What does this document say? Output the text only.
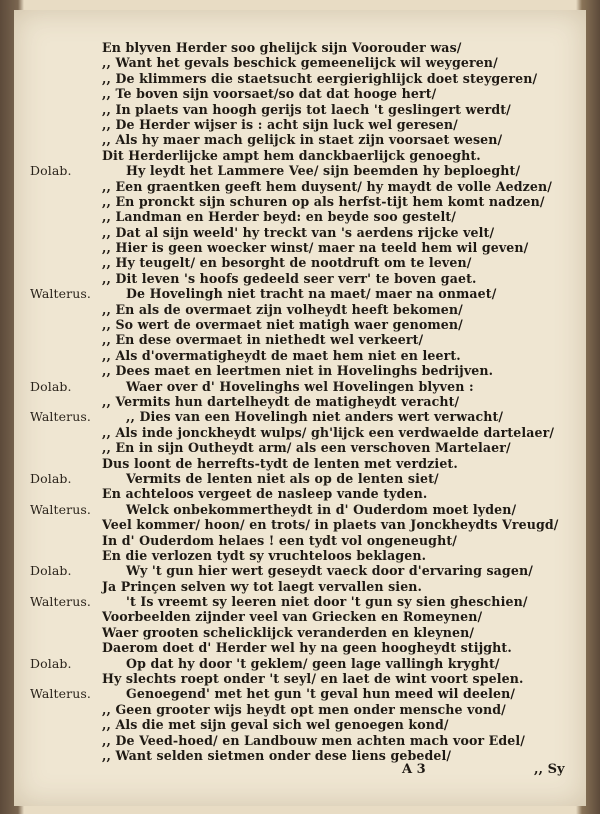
En blyven Herder soo ghelijck sijn Voorouder was/
,, Want het gevals beschick gemeenelijck wil weygeren/
,, De klimmers die staetsucht eergierighlijck doet steygeren/
,, Te boven sijn voorsaet/so dat dat hooge hert/
,, In plaets van hoogh gerijs tot laech 't geslingert werdt/
,, De Herder wijser is : acht sijn luck wel geresen/
,, Als hy maer mach gelijck in staet zijn voorsaet wesen/
Dit Herderlijcke ampt hem danckbaerlijck genoeght.
Dolab.	Hy leydt het Lammere Vee/ sijn beemden hy beploeght/
,, Een graentken geeft hem duysent/ hy maydt de volle Aedzen/
,, En pronckt sijn schuren op als herfst-tijt hem komt nadzen/
,, Landman en Herder beyd: en beyde soo gestelt/
,, Dat al sijn weeld' hy treckt van 's aerdens rijcke velt/
,, Hier is geen woecker winst/ maer na teeld hem wil geven/
,, Hy teugelt/ en besorght de nootdruft om te leven/
,, Dit leven 's hoofs gedeeld seer verr' te boven gaet.
Walterus.	De Hovelingh niet tracht na maet/ maer na onmaet/
,, En als de overmaet zijn volheydt heeft bekomen/
,, So wert de overmaet niet matigh waer genomen/
,, En dese overmaet in niethedt wel verkeert/
,, Als d'overmatigheydt de maet hem niet en leert.
,, Dees maet en leertmen niet in Hovelinghs bedrijven.
Dolab.	Waer over d' Hovelinghs wel Hovelingen blyven :
,, Vermits hun dartelheydt de matigheydt veracht/
Walterus.	,, Dies van een Hovelingh niet anders wert verwacht/
,, Als inde jonckheydt wulps/ gh'lijck een verdwaelde dartelaer/
,, En in sijn Outheydt arm/ als een verschoven Martelaer/
Dus loont de herrefts-tydt de lenten met verdziet.
Dolab.	Vermits de lenten niet als op de lenten siet/
En achteloos vergeet de nasleep vande tyden.
Walterus.	Welck onbekommertheydt in d' Ouderdom moet lyden/
Veel kommer/ hoon/ en trots/ in plaets van Jonckheydts Vreugd/
In d' Ouderdom helaes ! een tydt vol ongeneught/
En die verlozen tydt sy vruchteloos beklagen.
Dolab.	Wy 't gun hier wert geseydt vaeck door d'ervaring sagen/
Ja Prinçen selven wy tot laegt vervallen sien.
Walterus.	't Is vreemt sy leeren niet door 't gun sy sien gheschien/
Voorbeelden zijnder veel van Griecken en Romeynen/
Waer grooten schelicklijck veranderden en kleynen/
Daerom doet d' Herder wel hy na geen hoogheydt stijght.
Dolab.	Op dat hy door 't geklem/ geen lage vallingh kryght/
Hy slechts roept onder 't seyl/ en laet de wint voort spelen.
Walterus.	Genoegend' met het gun 't geval hun meed wil deelen/
,, Geen grooter wijs heydt opt men onder mensche vond/
,, Als die met sijn geval sich wel genoegen kond/
,, De Veed-hoed/ en Landbouw men achten mach voor Edel/
,, Want selden sietmen onder dese liens gebedel/
A 3	,, Sy
